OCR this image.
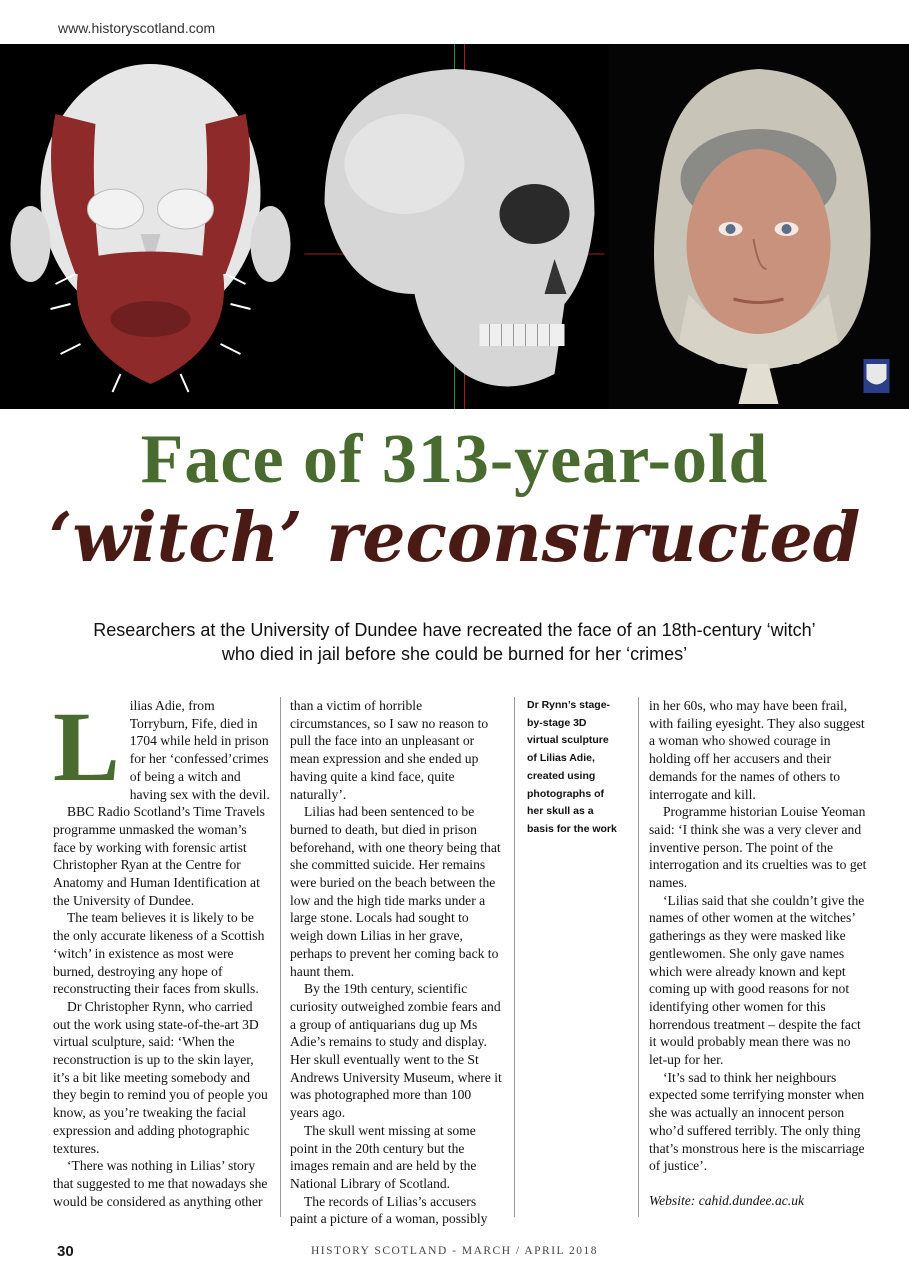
www.historyscotland.com
Face of 313-year-old
‘witch’ reconstructed

Researchers at the University of Dundee have recreated the face of an 18th-century ‘witch’
who died in jail before she could be burned for her ‘crimes’

L ilias Adie, from Torryburn, Fife, died in 1704 while held in prison for her ‘confessed’crimes of being a witch and having sex with the devil.

BBC Radio Scotland’s Time Travels programme unmasked the woman’s face by working with forensic artist Christopher Ryan at the Centre for Anatomy and Human Identification at the University of Dundee.

The team believes it is likely to be the only accurate likeness of a Scottish ‘witch’ in existence as most were burned, destroying any hope of reconstructing their faces from skulls.

Dr Christopher Rynn, who carried out the work using state-of-the-art 3D virtual sculpture, said: ‘When the reconstruction is up to the skin layer, it’s a bit like meeting somebody and they begin to remind you of people you know, as you’re tweaking the facial expression and adding photographic textures.

‘There was nothing in Lilias’ story that suggested to me that nowadays she would be considered as anything other

than a victim of horrible circumstances, so I saw no reason to pull the face into an unpleasant or mean expression and she ended up having quite a kind face, quite naturally’.

Lilias had been sentenced to be burned to death, but died in prison beforehand, with one theory being that she committed suicide. Her remains were buried on the beach between the low and the high tide marks under a large stone. Locals had sought to weigh down Lilias in her grave, perhaps to prevent her coming back to haunt them.

By the 19th century, scientific curiosity outweighed zombie fears and a group of antiquarians dug up Ms Adie’s remains to study and display. Her skull eventually went to the St Andrews University Museum, where it was photographed more than 100 years ago.

The skull went missing at some point in the 20th century but the images remain and are held by the National Library of Scotland.

The records of Lilias’s accusers paint a picture of a woman, possibly

Dr Rynn’s stage-by-stage 3D virtual sculpture of Lilias Adie, created using photographs of her skull as a basis for the work

in her 60s, who may have been frail, with failing eyesight. They also suggest a woman who showed courage in holding off her accusers and their demands for the names of others to interrogate and kill.

Programme historian Louise Yeoman said: ‘I think she was a very clever and inventive person. The point of the interrogation and its cruelties was to get names.

‘Lilias said that she couldn’t give the names of other women at the witches’ gatherings as they were masked like gentlewomen. She only gave names which were already known and kept coming up with good reasons for not identifying other women for this horrendous treatment – despite the fact it would probably mean there was no let-up for her.

‘It’s sad to think her neighbours expected some terrifying monster when she was actually an innocent person who’d suffered terribly. The only thing that’s monstrous here is the miscarriage of justice’.

Website: cahid.dundee.ac.uk

30	HISTORY SCOTLAND - MARCH / APRIL 2018
